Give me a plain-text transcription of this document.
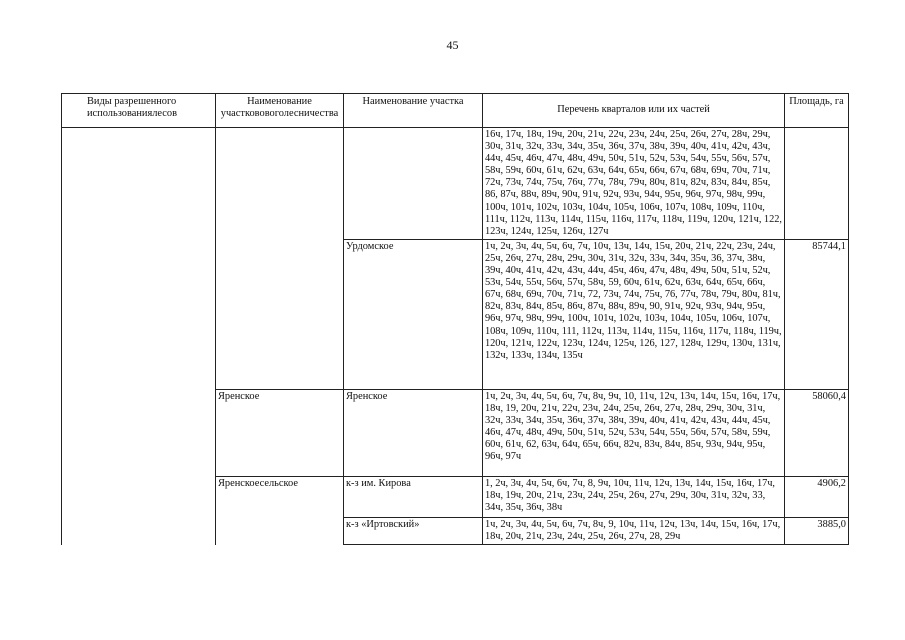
45
Виды разрешенного использованиялесов	Наименование участкововоголесничества	Наименование участка	Перечень кварталов или их частей	Площадь, га
			16ч, 17ч, 18ч, 19ч, 20ч, 21ч, 22ч, 23ч, 24ч, 25ч, 26ч, 27ч, 28ч, 29ч, 30ч, 31ч, 32ч, 33ч, 34ч, 35ч, 36ч, 37ч, 38ч, 39ч, 40ч, 41ч, 42ч, 43ч, 44ч, 45ч, 46ч, 47ч, 48ч, 49ч, 50ч, 51ч, 52ч, 53ч, 54ч, 55ч, 56ч, 57ч, 58ч, 59ч, 60ч, 61ч, 62ч, 63ч, 64ч, 65ч, 66ч, 67ч, 68ч, 69ч, 70ч, 71ч, 72ч, 73ч, 74ч, 75ч, 76ч, 77ч, 78ч, 79ч, 80ч, 81ч, 82ч, 83ч, 84ч, 85ч, 86, 87ч, 88ч, 89ч, 90ч, 91ч, 92ч, 93ч, 94ч, 95ч, 96ч, 97ч, 98ч, 99ч, 100ч, 101ч, 102ч, 103ч, 104ч, 105ч, 106ч, 107ч, 108ч, 109ч, 110ч, 111ч, 112ч, 113ч, 114ч, 115ч, 116ч, 117ч, 118ч, 119ч, 120ч, 121ч, 122, 123ч, 124ч, 125ч, 126ч, 127ч	
		Урдомское	1ч, 2ч, 3ч, 4ч, 5ч, 6ч, 7ч, 10ч, 13ч, 14ч, 15ч, 20ч, 21ч, 22ч, 23ч, 24ч, 25ч, 26ч, 27ч, 28ч, 29ч, 30ч, 31ч, 32ч, 33ч, 34ч, 35ч, 36, 37ч, 38ч, 39ч, 40ч, 41ч, 42ч, 43ч, 44ч, 45ч, 46ч, 47ч, 48ч, 49ч, 50ч, 51ч, 52ч, 53ч, 54ч, 55ч, 56ч, 57ч, 58ч, 59, 60ч, 61ч, 62ч, 63ч, 64ч, 65ч, 66ч, 67ч, 68ч, 69ч, 70ч, 71ч, 72, 73ч, 74ч, 75ч, 76, 77ч, 78ч, 79ч, 80ч, 81ч, 82ч, 83ч, 84ч, 85ч, 86ч, 87ч, 88ч, 89ч, 90, 91ч, 92ч, 93ч, 94ч, 95ч, 96ч, 97ч, 98ч, 99ч, 100ч, 101ч, 102ч, 103ч, 104ч, 105ч, 106ч, 107ч, 108ч, 109ч, 110ч, 111, 112ч, 113ч, 114ч, 115ч, 116ч, 117ч, 118ч, 119ч, 120ч, 121ч, 122ч, 123ч, 124ч, 125ч, 126, 127, 128ч, 129ч, 130ч, 131ч, 132ч, 133ч, 134ч, 135ч	85744,1
	Яренское	Яренское	1ч, 2ч, 3ч, 4ч, 5ч, 6ч, 7ч, 8ч, 9ч, 10, 11ч, 12ч, 13ч, 14ч, 15ч, 16ч, 17ч, 18ч, 19, 20ч, 21ч, 22ч, 23ч, 24ч, 25ч, 26ч, 27ч, 28ч, 29ч, 30ч, 31ч, 32ч, 33ч, 34ч, 35ч, 36ч, 37ч, 38ч, 39ч, 40ч, 41ч, 42ч, 43ч, 44ч, 45ч, 46ч, 47ч, 48ч, 49ч, 50ч, 51ч, 52ч, 53ч, 54ч, 55ч, 56ч, 57ч, 58ч, 59ч, 60ч, 61ч, 62, 63ч, 64ч, 65ч, 66ч, 82ч, 83ч, 84ч, 85ч, 93ч, 94ч, 95ч, 96ч, 97ч	58060,4
	Яренскоесельское	к-з им. Кирова	1, 2ч, 3ч, 4ч, 5ч, 6ч, 7ч, 8, 9ч, 10ч, 11ч, 12ч, 13ч, 14ч, 15ч, 16ч, 17ч, 18ч, 19ч, 20ч, 21ч, 23ч, 24ч, 25ч, 26ч, 27ч, 29ч, 30ч, 31ч, 32ч, 33, 34ч, 35ч, 36ч, 38ч	4906,2
		к-з «Иртовский»	1ч, 2ч, 3ч, 4ч, 5ч, 6ч, 7ч, 8ч, 9, 10ч, 11ч, 12ч, 13ч, 14ч, 15ч, 16ч, 17ч, 18ч, 20ч, 21ч, 23ч, 24ч, 25ч, 26ч, 27ч, 28, 29ч	3885,0
